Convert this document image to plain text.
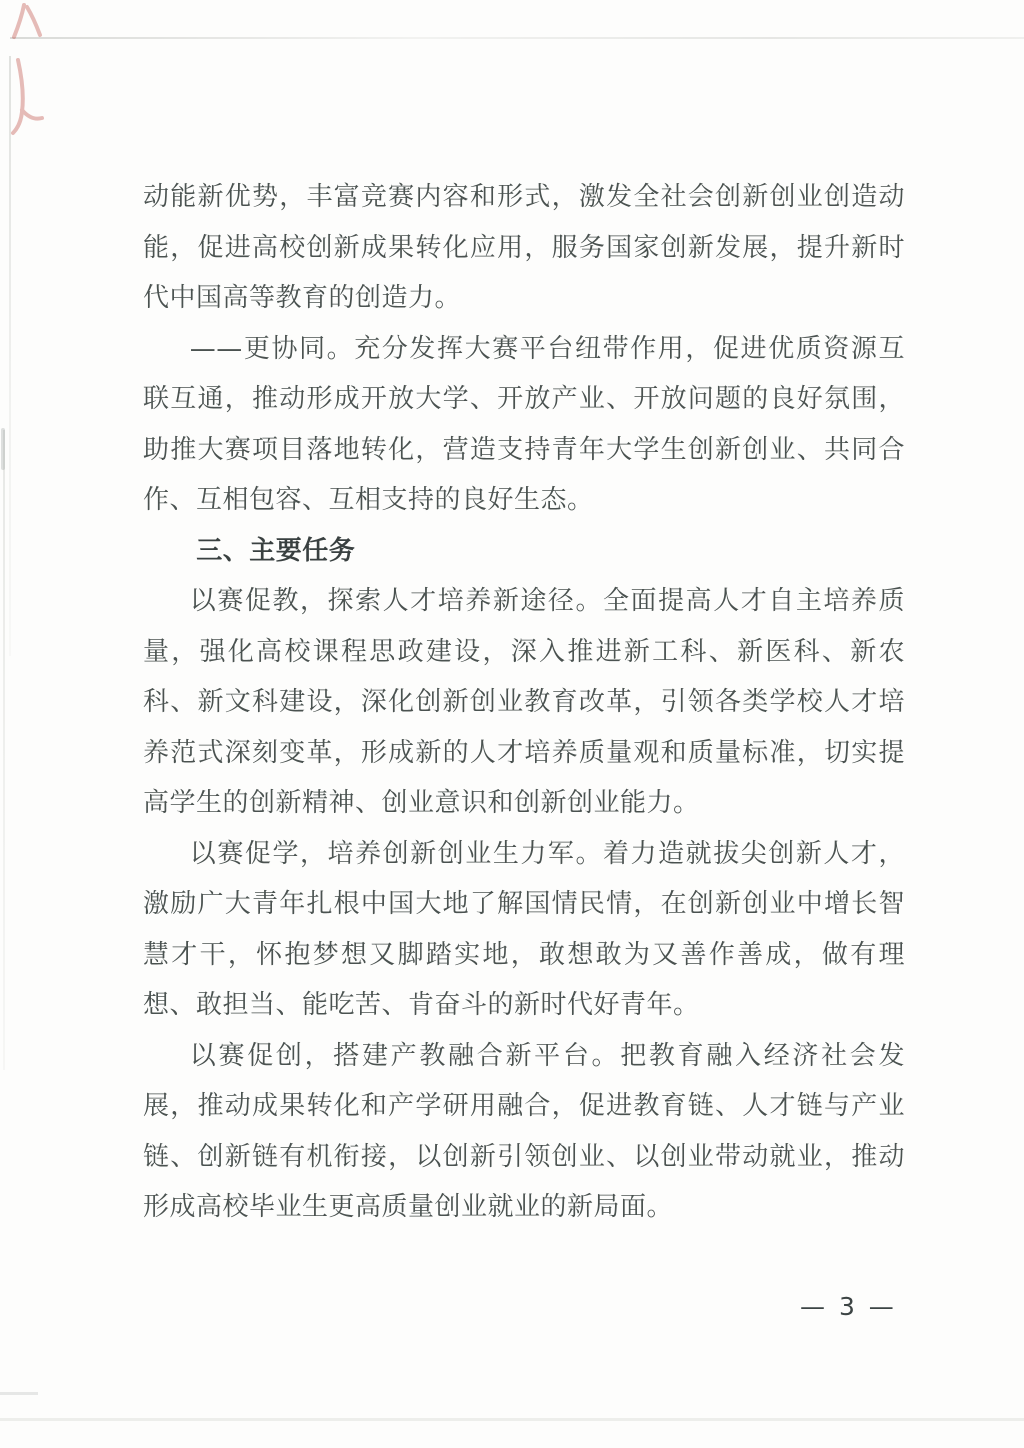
动能新优势，丰富竞赛内容和形式，激发全社会创新创业创造动
能，促进高校创新成果转化应用，服务国家创新发展，提升新时
代中国高等教育的创造力。
——更协同。充分发挥大赛平台纽带作用，促进优质资源互
联互通，推动形成开放大学、开放产业、开放问题的良好氛围，
助推大赛项目落地转化，营造支持青年大学生创新创业、共同合
作、互相包容、互相支持的良好生态。
三、主要任务
以赛促教，探索人才培养新途径。全面提高人才自主培养质
量，强化高校课程思政建设，深入推进新工科、新医科、新农
科、新文科建设，深化创新创业教育改革，引领各类学校人才培
养范式深刻变革，形成新的人才培养质量观和质量标准，切实提
高学生的创新精神、创业意识和创新创业能力。
以赛促学，培养创新创业生力军。着力造就拔尖创新人才，
激励广大青年扎根中国大地了解国情民情，在创新创业中增长智
慧才干，怀抱梦想又脚踏实地，敢想敢为又善作善成，做有理
想、敢担当、能吃苦、肯奋斗的新时代好青年。
以赛促创，搭建产教融合新平台。把教育融入经济社会发
展，推动成果转化和产学研用融合，促进教育链、人才链与产业
链、创新链有机衔接，以创新引领创业、以创业带动就业，推动
形成高校毕业生更高质量创业就业的新局面。
— 3 —
